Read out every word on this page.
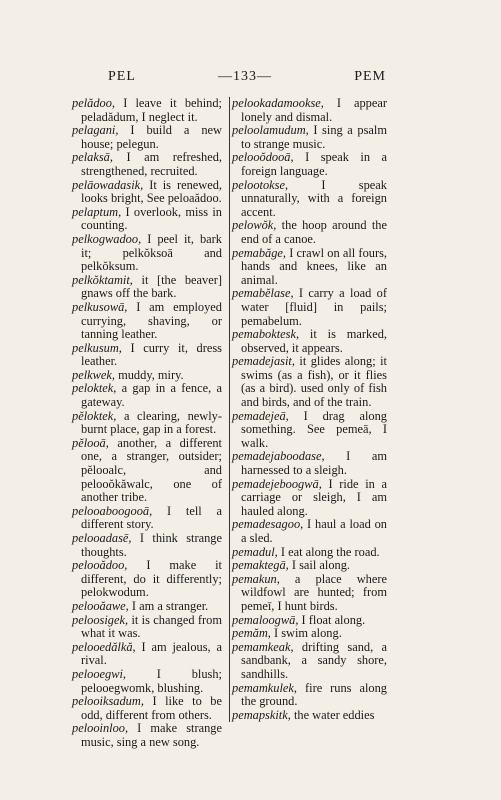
PEL	—133—	PEM
pelădoo, I leave it behind; peladădum, I neglect it.
pelagani, I build a new house; pelegun.
pelaksā, I am refreshed, strengthened, recruited.
pelāowadasik, It is renewed, looks bright, See peloaădoo.
pelaptum, I overlook, miss in counting.
pelkogwadoo, I peel it, bark it; pelkŏksoā and pelkŏksum.
pelkŏktamit, it [the beaver] gnaws off the bark.
pelkusowā, I am employed currying, shaving, or tanning leather.
pelkusum, I curry it, dress leather.
pelkwek, muddy, miry.
peloktek, a gap in a fence, a gateway.
pĕloktek, a clearing, newly-burnt place, gap in a forest.
pĕlooā, another, a different one, a stranger, outsider; pĕlooalc, and pelooŏkăwalc, one of another tribe.
pelooaboogooā, I tell a different story.
pelooadasē, I think strange thoughts.
pelooădoo, I make it different, do it differently; pelokwodum.
pelooăawe, I am a stranger.
peloosigek, it is changed from what it was.
pelooedălkă, I am jealous, a rival.
pelooegwi, I blush; pelooegwomk, blushing.
pelooiksadum, I like to be odd, different from others.
pelooinloo, I make strange music, sing a new song.
pelookadamookse, I appear lonely and dismal.
peloolamudum, I sing a psalm to strange music.
pelooŏdooā, I speak in a foreign language.
pelootokse, I speak unnaturally, with a foreign accent.
pelowŏk, the hoop around the end of a canoe.
pemabăge, I crawl on all fours, hands and knees, like an animal.
pemabĕlase, I carry a load of water [fluid] in pails; pemabelum.
pemaboktesk, it is marked, observed, it appears.
pemadejasit, it glides along; it swims (as a fish), or it flies (as a bird). used only of fish and birds, and of the train.
pemadejeā, I drag along something. See pemeā, I walk.
pemadejaboodase, I am harnessed to a sleigh.
pemadejeboogwā, I ride in a carriage or sleigh, I am hauled along.
pemadesagoo, I haul a load on a sled.
pemadul, I eat along the road.
pemaktegā, I sail along.
pemakun, a place where wildfowl are hunted; from pemeī, I hunt birds.
pemaloogwā, I float along.
pemăm, I swim along.
pemamkeak, drifting sand, a sandbank, a sandy shore, sandhills.
pemamkulek, fire runs along the ground.
pemapskitk, the water eddies
